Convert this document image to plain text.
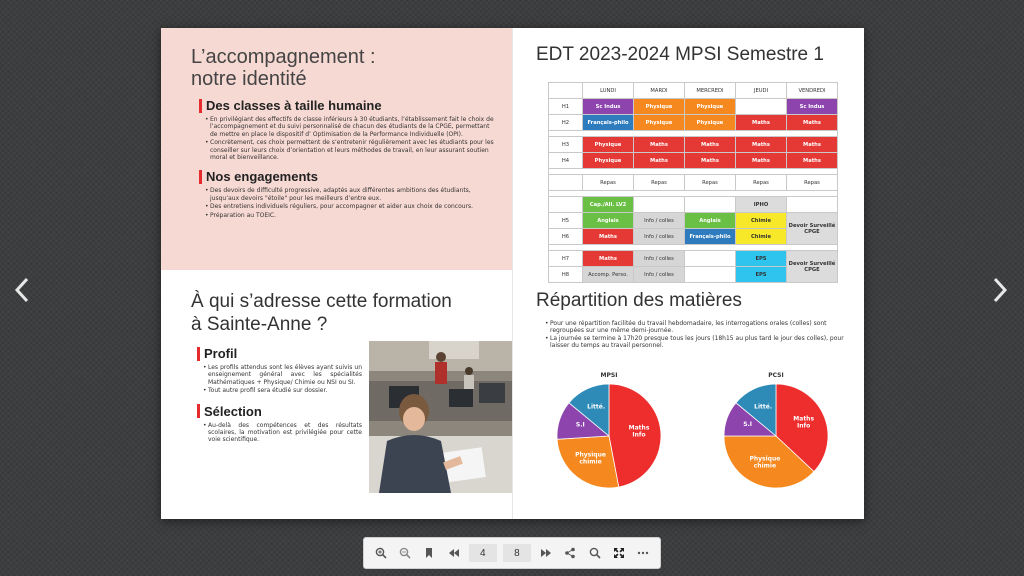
L’accompagnement :
notre identité
Des classes à taille humaine
• En privilégiant des effectifs de classe inférieurs à 30 étudiants, l’établissement fait le choix de l’accompagnement et du suivi personnalisé de chacun des étudiants de la CPGE, permettant de mettre en place le dispositif d’ Optimisation de la Performance Individuelle (OPI).
• Concrètement, ces choix permettent de s’entretenir régulièrement avec les étudiants pour les conseiller sur leurs choix d’orientation et leurs méthodes de travail, en leur assurant soutien moral et bienveillance.
Nos engagements
• Des devoirs de difficulté progressive, adaptés aux différentes ambitions des étudiants, jusqu’aux devoirs "étoile" pour les meilleurs d’entre eux.
• Des entretiens individuels réguliers, pour accompagner et aider aux choix de concours.
• Préparation au TOEIC.
EDT 2023-2024 MPSI Semestre 1
	LUNDI	MARDI	MERCREDI	JEUDI	VENDREDI
H1	Sc Indus	Physique	Physique		Sc Indus
H2	Français-philo	Physique	Physique	Maths	Maths

H3	Physique	Maths	Maths	Maths	Maths
H4	Physique	Maths	Maths	Maths	Maths

	Repas	Repas	Repas	Repas	Repas

	Cap./All. LV2			IPHO	
H5	Anglais	Info / colles	Anglais	Chimie	Devoir Surveillé CPGE
H6	Maths	Info / colles	Français-philo	Chimie	

H7	Maths	Info / colles		EPS	Devoir Surveillé CPGE
H8	Accomp. Perso.	Info / colles		EPS	
À qui s’adresse cette formation
à Sainte-Anne ?
Profil
• Les profils attendus sont les élèves ayant suivis un enseignement général avec les spécialités Mathématiques + Physique/ Chimie ou NSI ou SI.
• Tout autre profil sera étudié sur dossier.
Sélection
• Au-delà des compétences et des résultats scolaires, la motivation est privilégiée pour cette voie scientifique.
Répartition des matières
• Pour une répartition facilitée du travail hebdomadaire, les interrogations orales (colles) sont regroupées sur une même demi-journée.
• La journée se termine à 17h20 presque tous les jours (18h15 au plus tard le jour des colles), pour laisser du temps au travail personnel.
MPSI
Maths Info
Physique chimie
S.I
Litté.
PCSI
Maths Info
Physique chimie
S.I
Litté.
4	8
